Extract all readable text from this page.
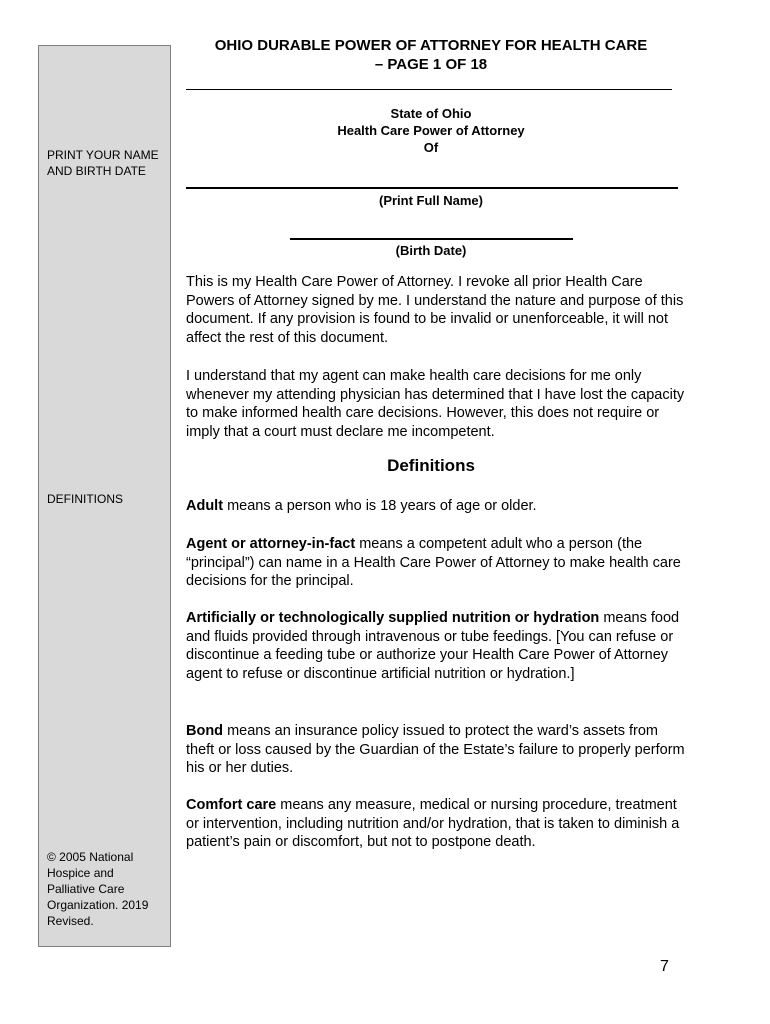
PRINT YOUR NAME AND BIRTH DATE
DEFINITIONS
© 2005 National Hospice and Palliative Care Organization. 2019 Revised.
OHIO DURABLE POWER OF ATTORNEY FOR HEALTH CARE
– PAGE 1 OF 18
State of Ohio
Health Care Power of Attorney
Of
(Print Full Name)
(Birth Date)

This is my Health Care Power of Attorney. I revoke all prior Health Care Powers of Attorney signed by me. I understand the nature and purpose of this document. If any provision is found to be invalid or unenforceable, it will not affect the rest of this document.

I understand that my agent can make health care decisions for me only whenever my attending physician has determined that I have lost the capacity to make informed health care decisions. However, this does not require or imply that a court must declare me incompetent.

Definitions

Adult means a person who is 18 years of age or older.

Agent or attorney-in-fact means a competent adult who a person (the “principal”) can name in a Health Care Power of Attorney to make health care decisions for the principal.

Artificially or technologically supplied nutrition or hydration means food and fluids provided through intravenous or tube feedings. [You can refuse or discontinue a feeding tube or authorize your Health Care Power of Attorney agent to refuse or discontinue artificial nutrition or hydration.]

Bond means an insurance policy issued to protect the ward’s assets from theft or loss caused by the Guardian of the Estate’s failure to properly perform his or her duties.

Comfort care means any measure, medical or nursing procedure, treatment or intervention, including nutrition and/or hydration, that is taken to diminish a patient’s pain or discomfort, but not to postpone death.

7
